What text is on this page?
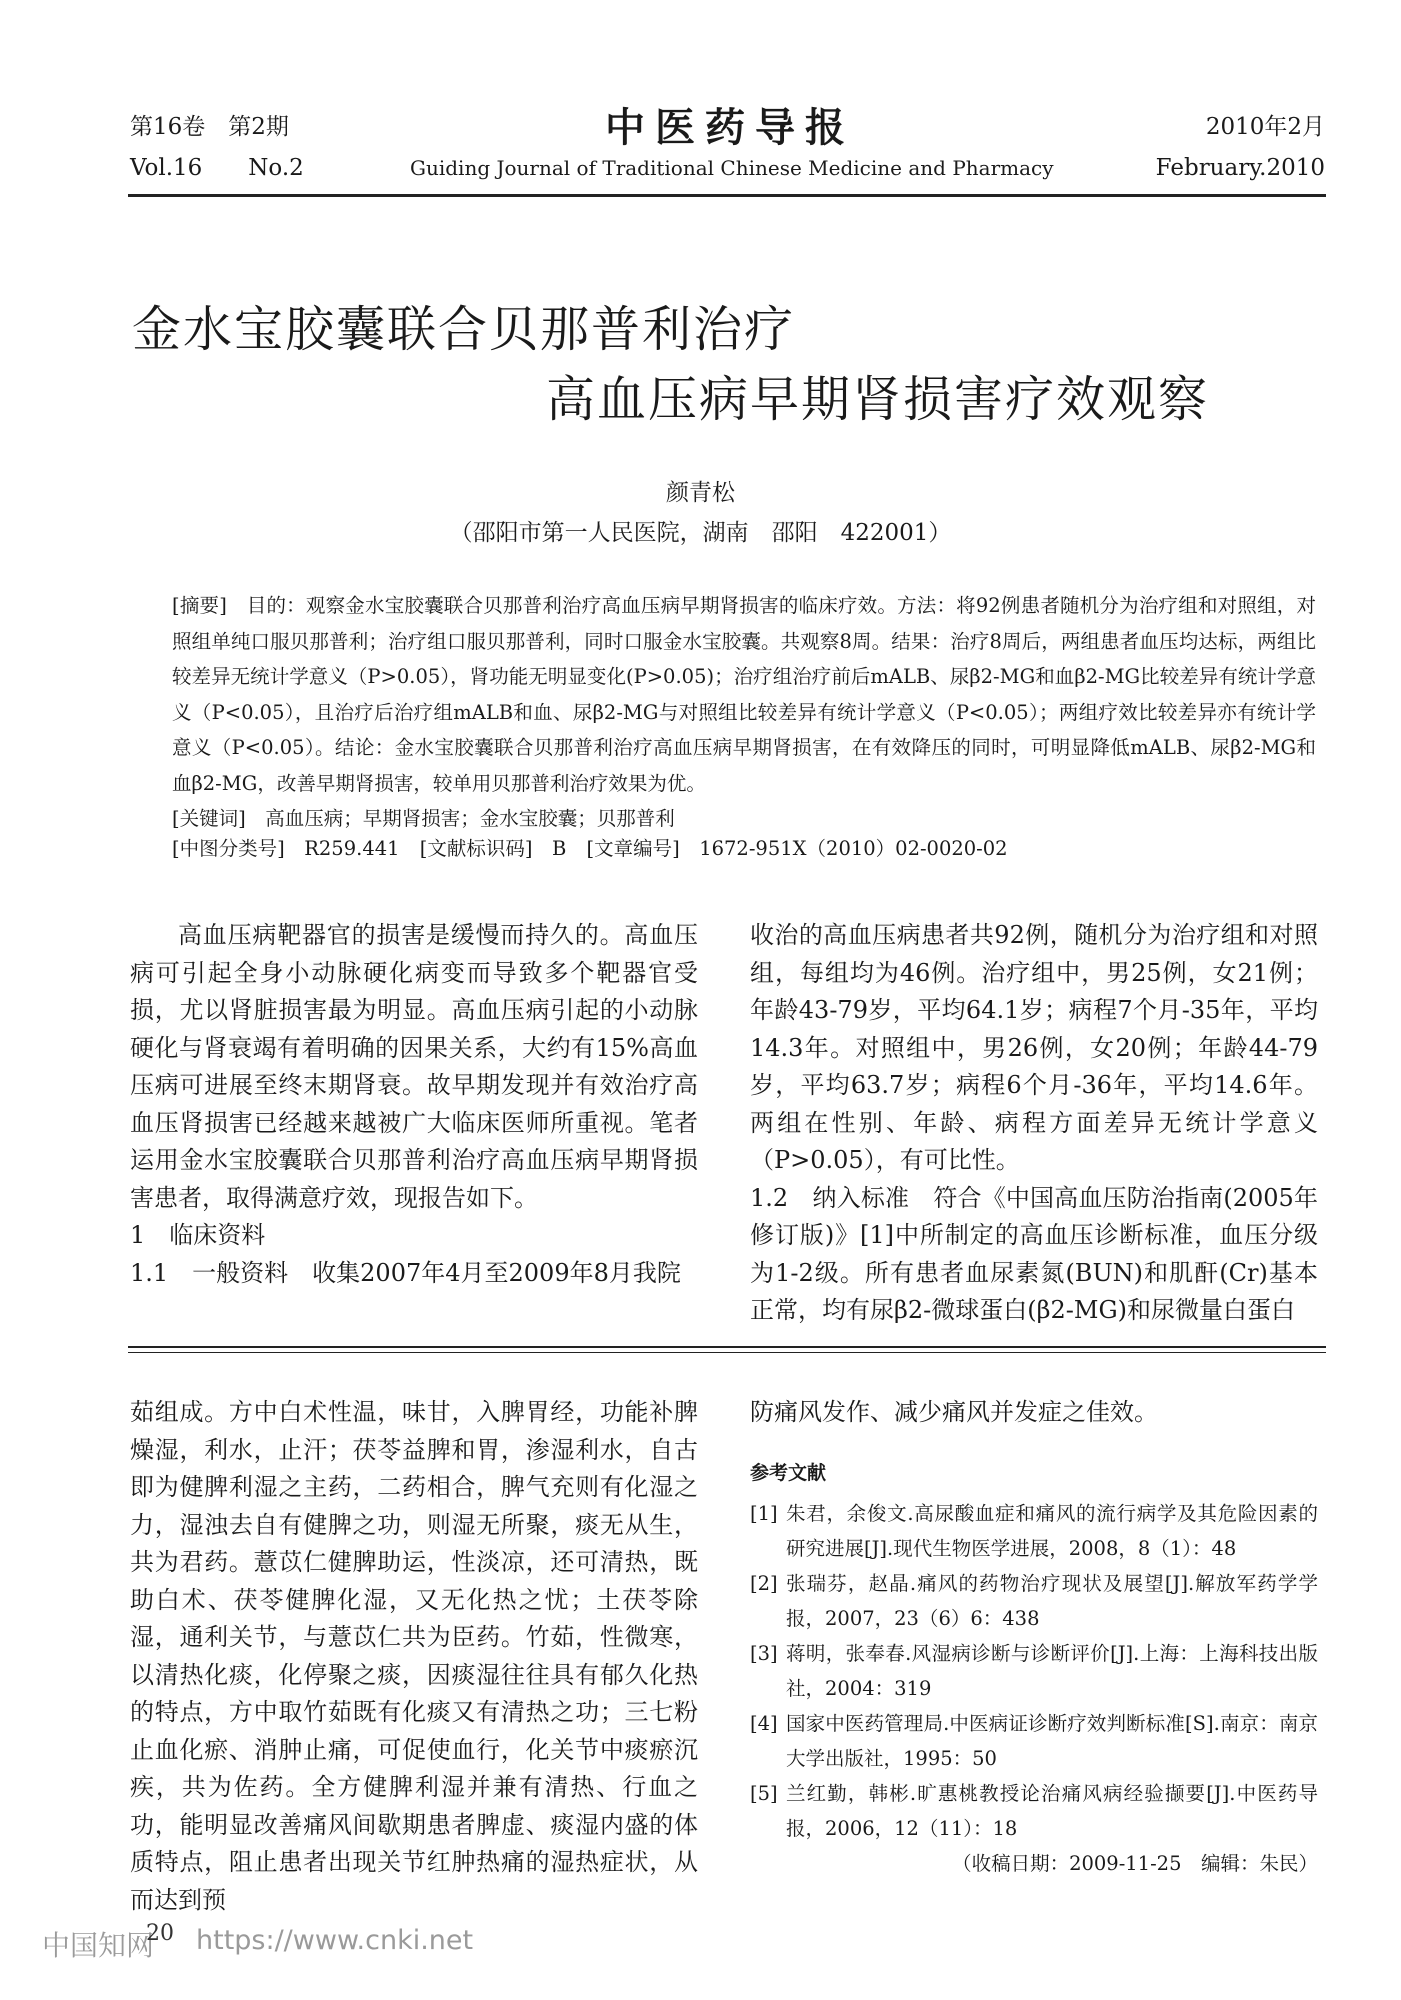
第16卷　第2期
Vol.16　　No.2
中医药导报
Guiding Journal of Traditional Chinese Medicine and Pharmacy
2010年2月
February.2010
金水宝胶囊联合贝那普利治疗
高血压病早期肾损害疗效观察
颜青松
（邵阳市第一人民医院，湖南　邵阳　422001）

[摘要]　目的：观察金水宝胶囊联合贝那普利治疗高血压病早期肾损害的临床疗效。方法：将92例患者随机分为治疗组和对照组，对照组单纯口服贝那普利；治疗组口服贝那普利，同时口服金水宝胶囊。共观察8周。结果：治疗8周后，两组患者血压均达标，两组比较差异无统计学意义（P>0.05），肾功能无明显变化(P>0.05)；治疗组治疗前后mALB、尿β2-MG和血β2-MG比较差异有统计学意义（P<0.05），且治疗后治疗组mALB和血、尿β2-MG与对照组比较差异有统计学意义（P<0.05）；两组疗效比较差异亦有统计学意义（P<0.05）。结论：金水宝胶囊联合贝那普利治疗高血压病早期肾损害，在有效降压的同时，可明显降低mALB、尿β2-MG和血β2-MG，改善早期肾损害，较单用贝那普利治疗效果为优。

[关键词]　高血压病；早期肾损害；金水宝胶囊；贝那普利

[中图分类号]　R259.441 [文献标识码]　B [文章编号]　1672-951X（2010）02-0020-02

高血压病靶器官的损害是缓慢而持久的。高血压病可引起全身小动脉硬化病变而导致多个靶器官受损，尤以肾脏损害最为明显。高血压病引起的小动脉硬化与肾衰竭有着明确的因果关系，大约有15%高血压病可进展至终末期肾衰。故早期发现并有效治疗高血压肾损害已经越来越被广大临床医师所重视。笔者运用金水宝胶囊联合贝那普利治疗高血压病早期肾损害患者，取得满意疗效，现报告如下。

1　临床资料

1.1　一般资料　收集2007年4月至2009年8月我院

收治的高血压病患者共92例，随机分为治疗组和对照组，每组均为46例。治疗组中，男25例，女21例；年龄43-79岁，平均64.1岁；病程7个月-35年，平均14.3年。对照组中，男26例，女20例；年龄44-79岁，平均63.7岁；病程6个月-36年，平均14.6年。两组在性别、年龄、病程方面差异无统计学意义（P>0.05），有可比性。

1.2　纳入标准　符合《中国高血压防治指南(2005年修订版)》[1]中所制定的高血压诊断标准，血压分级为1-2级。所有患者血尿素氮(BUN)和肌酐(Cr)基本正常，均有尿β2-微球蛋白(β2-MG)和尿微量白蛋白

茹组成。方中白术性温，味甘，入脾胃经，功能补脾燥湿，利水，止汗；茯苓益脾和胃，渗湿利水，自古即为健脾利湿之主药，二药相合，脾气充则有化湿之力，湿浊去自有健脾之功，则湿无所聚，痰无从生，共为君药。薏苡仁健脾助运，性淡凉，还可清热，既助白术、茯苓健脾化湿，又无化热之忧；土茯苓除湿，通利关节，与薏苡仁共为臣药。竹茹，性微寒，以清热化痰，化停聚之痰，因痰湿往往具有郁久化热的特点，方中取竹茹既有化痰又有清热之功；三七粉止血化瘀、消肿止痛，可促使血行，化关节中痰瘀沉疾，共为佐药。全方健脾利湿并兼有清热、行血之功，能明显改善痛风间歇期患者脾虚、痰湿内盛的体质特点，阻止患者出现关节红肿热痛的湿热症状，从而达到预

防痛风发作、减少痛风并发症之佳效。

参考文献
[1] 朱君，余俊文.高尿酸血症和痛风的流行病学及其危险因素的研究进展[J].现代生物医学进展，2008，8（1）：48
[2] 张瑞芬，赵晶.痛风的药物治疗现状及展望[J].解放军药学学报，2007，23（6）6：438
[3] 蒋明，张奉春.风湿病诊断与诊断评价[J].上海：上海科技出版社，2004：319
[4] 国家中医药管理局.中医病证诊断疗效判断标准[S].南京：南京大学出版社，1995：50
[5] 兰红勤，韩彬.旷惠桃教授论治痛风病经验撷要[J].中医药导报，2006，12（11）：18
（收稿日期：2009-11-25　编辑：朱民）
中国知网
20 https://www.cnki.net
